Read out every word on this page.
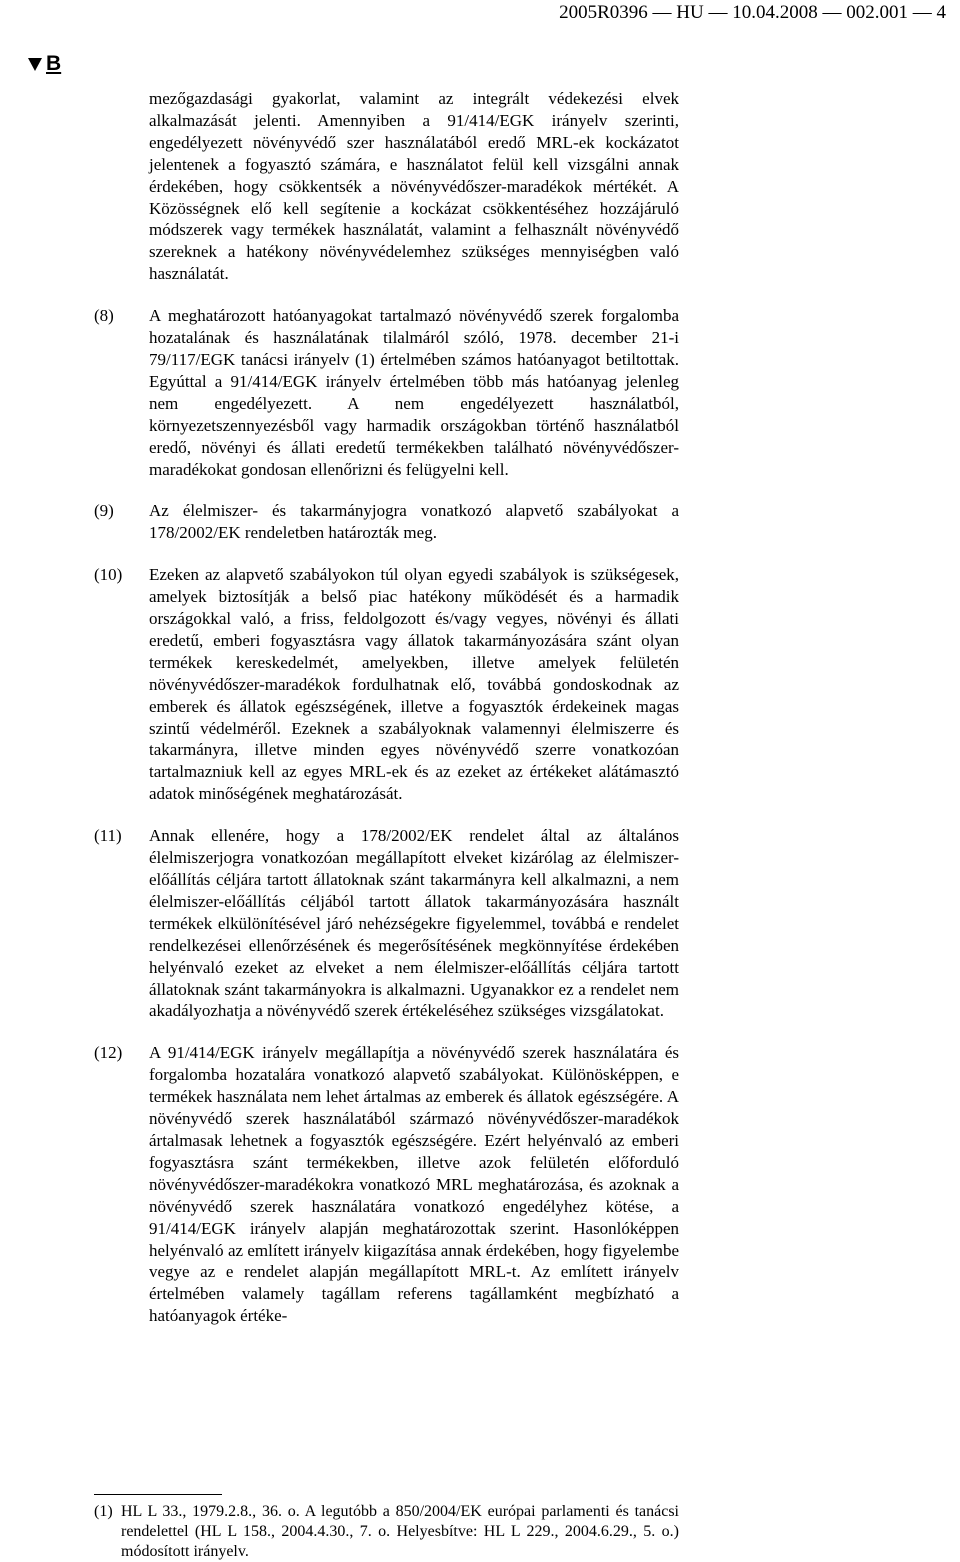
2005R0396 — HU — 10.04.2008 — 002.001 — 4
B
mezőgazdasági gyakorlat, valamint az integrált védekezési elvek alkalmazását jelenti. Amennyiben a 91/414/EGK irányelv szerinti, engedélyezett növényvédő szer használatából eredő MRL-ek kockázatot jelentenek a fogyasztó számára, e használatot felül kell vizsgálni annak érdekében, hogy csökkentsék a növényvédőszer-maradékok mértékét. A Közösségnek elő kell segítenie a kockázat csökkentéséhez hozzájáruló módszerek vagy termékek használatát, valamint a felhasznált növényvédő szereknek a hatékony növényvédelemhez szükséges mennyiségben való használatát.
(8) A meghatározott hatóanyagokat tartalmazó növényvédő szerek forgalomba hozatalának és használatának tilalmáról szóló, 1978. december 21-i 79/117/EGK tanácsi irányelv (1) értelmében számos hatóanyagot betiltottak. Egyúttal a 91/414/EGK irányelv értelmében több más hatóanyag jelenleg nem engedélyezett. A nem engedélyezett használatból, környezetszennyezésből vagy harmadik országokban történő használatból eredő, növényi és állati eredetű termékekben található növényvédőszer-maradékokat gondosan ellenőrizni és felügyelni kell.
(9) Az élelmiszer- és takarmányjogra vonatkozó alapvető szabályokat a 178/2002/EK rendeletben határozták meg.
(10) Ezeken az alapvető szabályokon túl olyan egyedi szabályok is szükségesek, amelyek biztosítják a belső piac hatékony működését és a harmadik országokkal való, a friss, feldolgozott és/vagy vegyes, növényi és állati eredetű, emberi fogyasztásra vagy állatok takarmányozására szánt olyan termékek kereskedelmét, amelyekben, illetve amelyek felületén növényvédőszer-maradékok fordulhatnak elő, továbbá gondoskodnak az emberek és állatok egészségének, illetve a fogyasztók érdekeinek magas szintű védelméről. Ezeknek a szabályoknak valamennyi élelmiszerre és takarmányra, illetve minden egyes növényvédő szerre vonatkozóan tartalmazniuk kell az egyes MRL-ek és az ezeket az értékeket alátámasztó adatok minőségének meghatározását.
(11) Annak ellenére, hogy a 178/2002/EK rendelet által az általános élelmiszerjogra vonatkozóan megállapított elveket kizárólag az élelmiszer-előállítás céljára tartott állatoknak szánt takarmányra kell alkalmazni, a nem élelmiszer-előállítás céljából tartott állatok takarmányozására használt termékek elkülönítésével járó nehézségekre figyelemmel, továbbá e rendelet rendelkezései ellenőrzésének és megerősítésének megkönnyítése érdekében helyénvaló ezeket az elveket a nem élelmiszer-előállítás céljára tartott állatoknak szánt takarmányokra is alkalmazni. Ugyanakkor ez a rendelet nem akadályozhatja a növényvédő szerek értékeléséhez szükséges vizsgálatokat.
(12) A 91/414/EGK irányelv megállapítja a növényvédő szerek használatára és forgalomba hozatalára vonatkozó alapvető szabályokat. Különösképpen, e termékek használata nem lehet ártalmas az emberek és állatok egészségére. A növényvédő szerek használatából származó növényvédőszer-maradékok ártalmasak lehetnek a fogyasztók egészségére. Ezért helyénvaló az emberi fogyasztásra szánt termékekben, illetve azok felületén előforduló növényvédőszer-maradékokra vonatkozó MRL meghatározása, és azoknak a növényvédő szerek használatára vonatkozó engedélyhez kötése, a 91/414/EGK irányelv alapján meghatározottak szerint. Hasonlóképpen helyénvaló az említett irányelv kiigazítása annak érdekében, hogy figyelembe vegye az e rendelet alapján megállapított MRL-t. Az említett irányelv értelmében valamely tagállam referens tagállamként megbízható a hatóanyagok értéke-
(1) HL L 33., 1979.2.8., 36. o. A legutóbb a 850/2004/EK európai parlamenti és tanácsi rendelettel (HL L 158., 2004.4.30., 7. o. Helyesbítve: HL L 229., 2004.6.29., 5. o.) módosított irányelv.
